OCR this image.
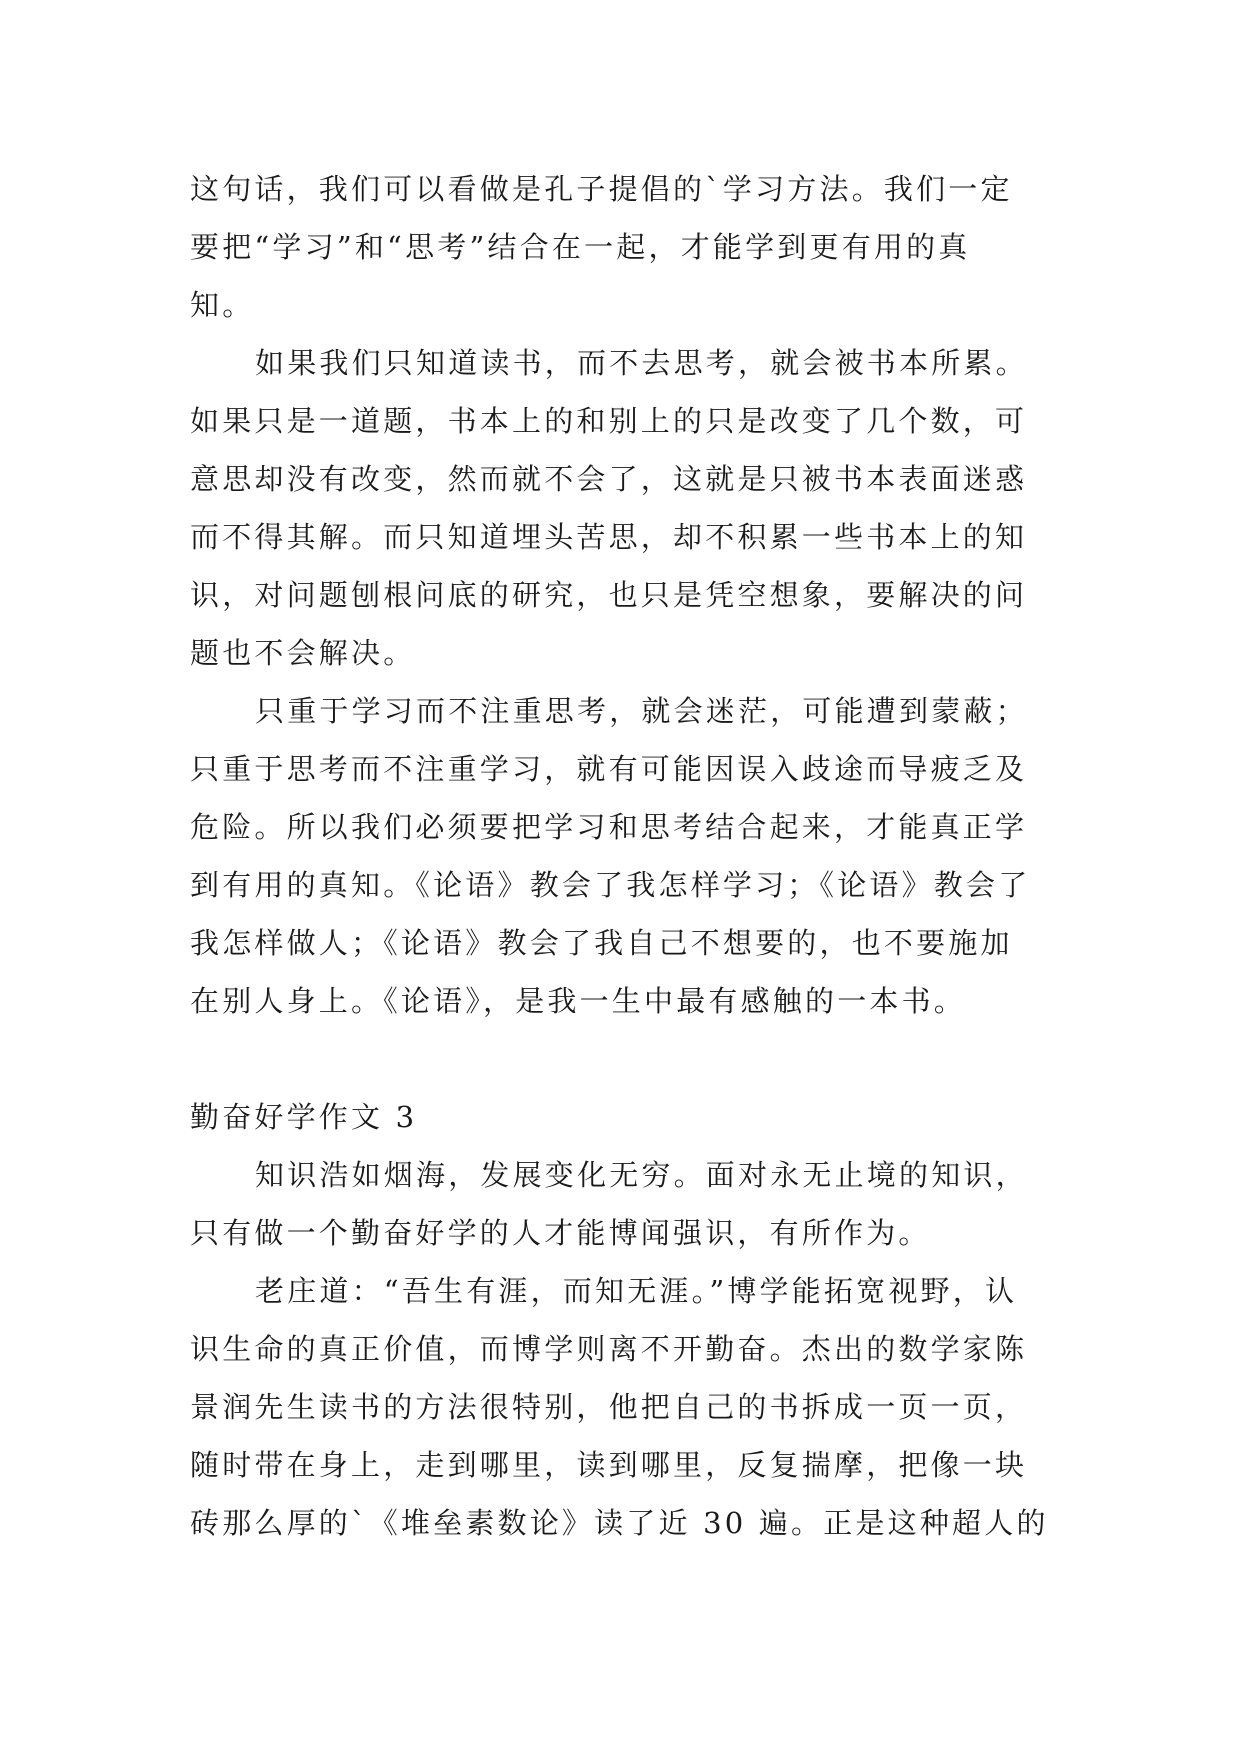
这句话，我们可以看做是孔子提倡的`学习方法。我们一定
要把“学习”和“思考”结合在一起，才能学到更有用的真
知。
如果我们只知道读书，而不去思考，就会被书本所累。
如果只是一道题，书本上的和别上的只是改变了几个数，可
意思却没有改变，然而就不会了，这就是只被书本表面迷惑
而不得其解。而只知道埋头苦思，却不积累一些书本上的知
识，对问题刨根问底的研究，也只是凭空想象，要解决的问
题也不会解决。
只重于学习而不注重思考，就会迷茫，可能遭到蒙蔽；
只重于思考而不注重学习，就有可能因误入歧途而导疲乏及
危险。所以我们必须要把学习和思考结合起来，才能真正学
到有用的真知。《论语》教会了我怎样学习；《论语》教会了
我怎样做人；《论语》教会了我自己不想要的，也不要施加
在别人身上。《论语》，是我一生中最有感触的一本书。
勤奋好学作文 3
知识浩如烟海，发展变化无穷。面对永无止境的知识，
只有做一个勤奋好学的人才能博闻强识，有所作为。
老庄道：“吾生有涯，而知无涯。”博学能拓宽视野，认
识生命的真正价值，而博学则离不开勤奋。杰出的数学家陈
景润先生读书的方法很特别，他把自己的书拆成一页一页，
随时带在身上，走到哪里，读到哪里，反复揣摩，把像一块
砖那么厚的`《堆垒素数论》读了近 30 遍。正是这种超人的
